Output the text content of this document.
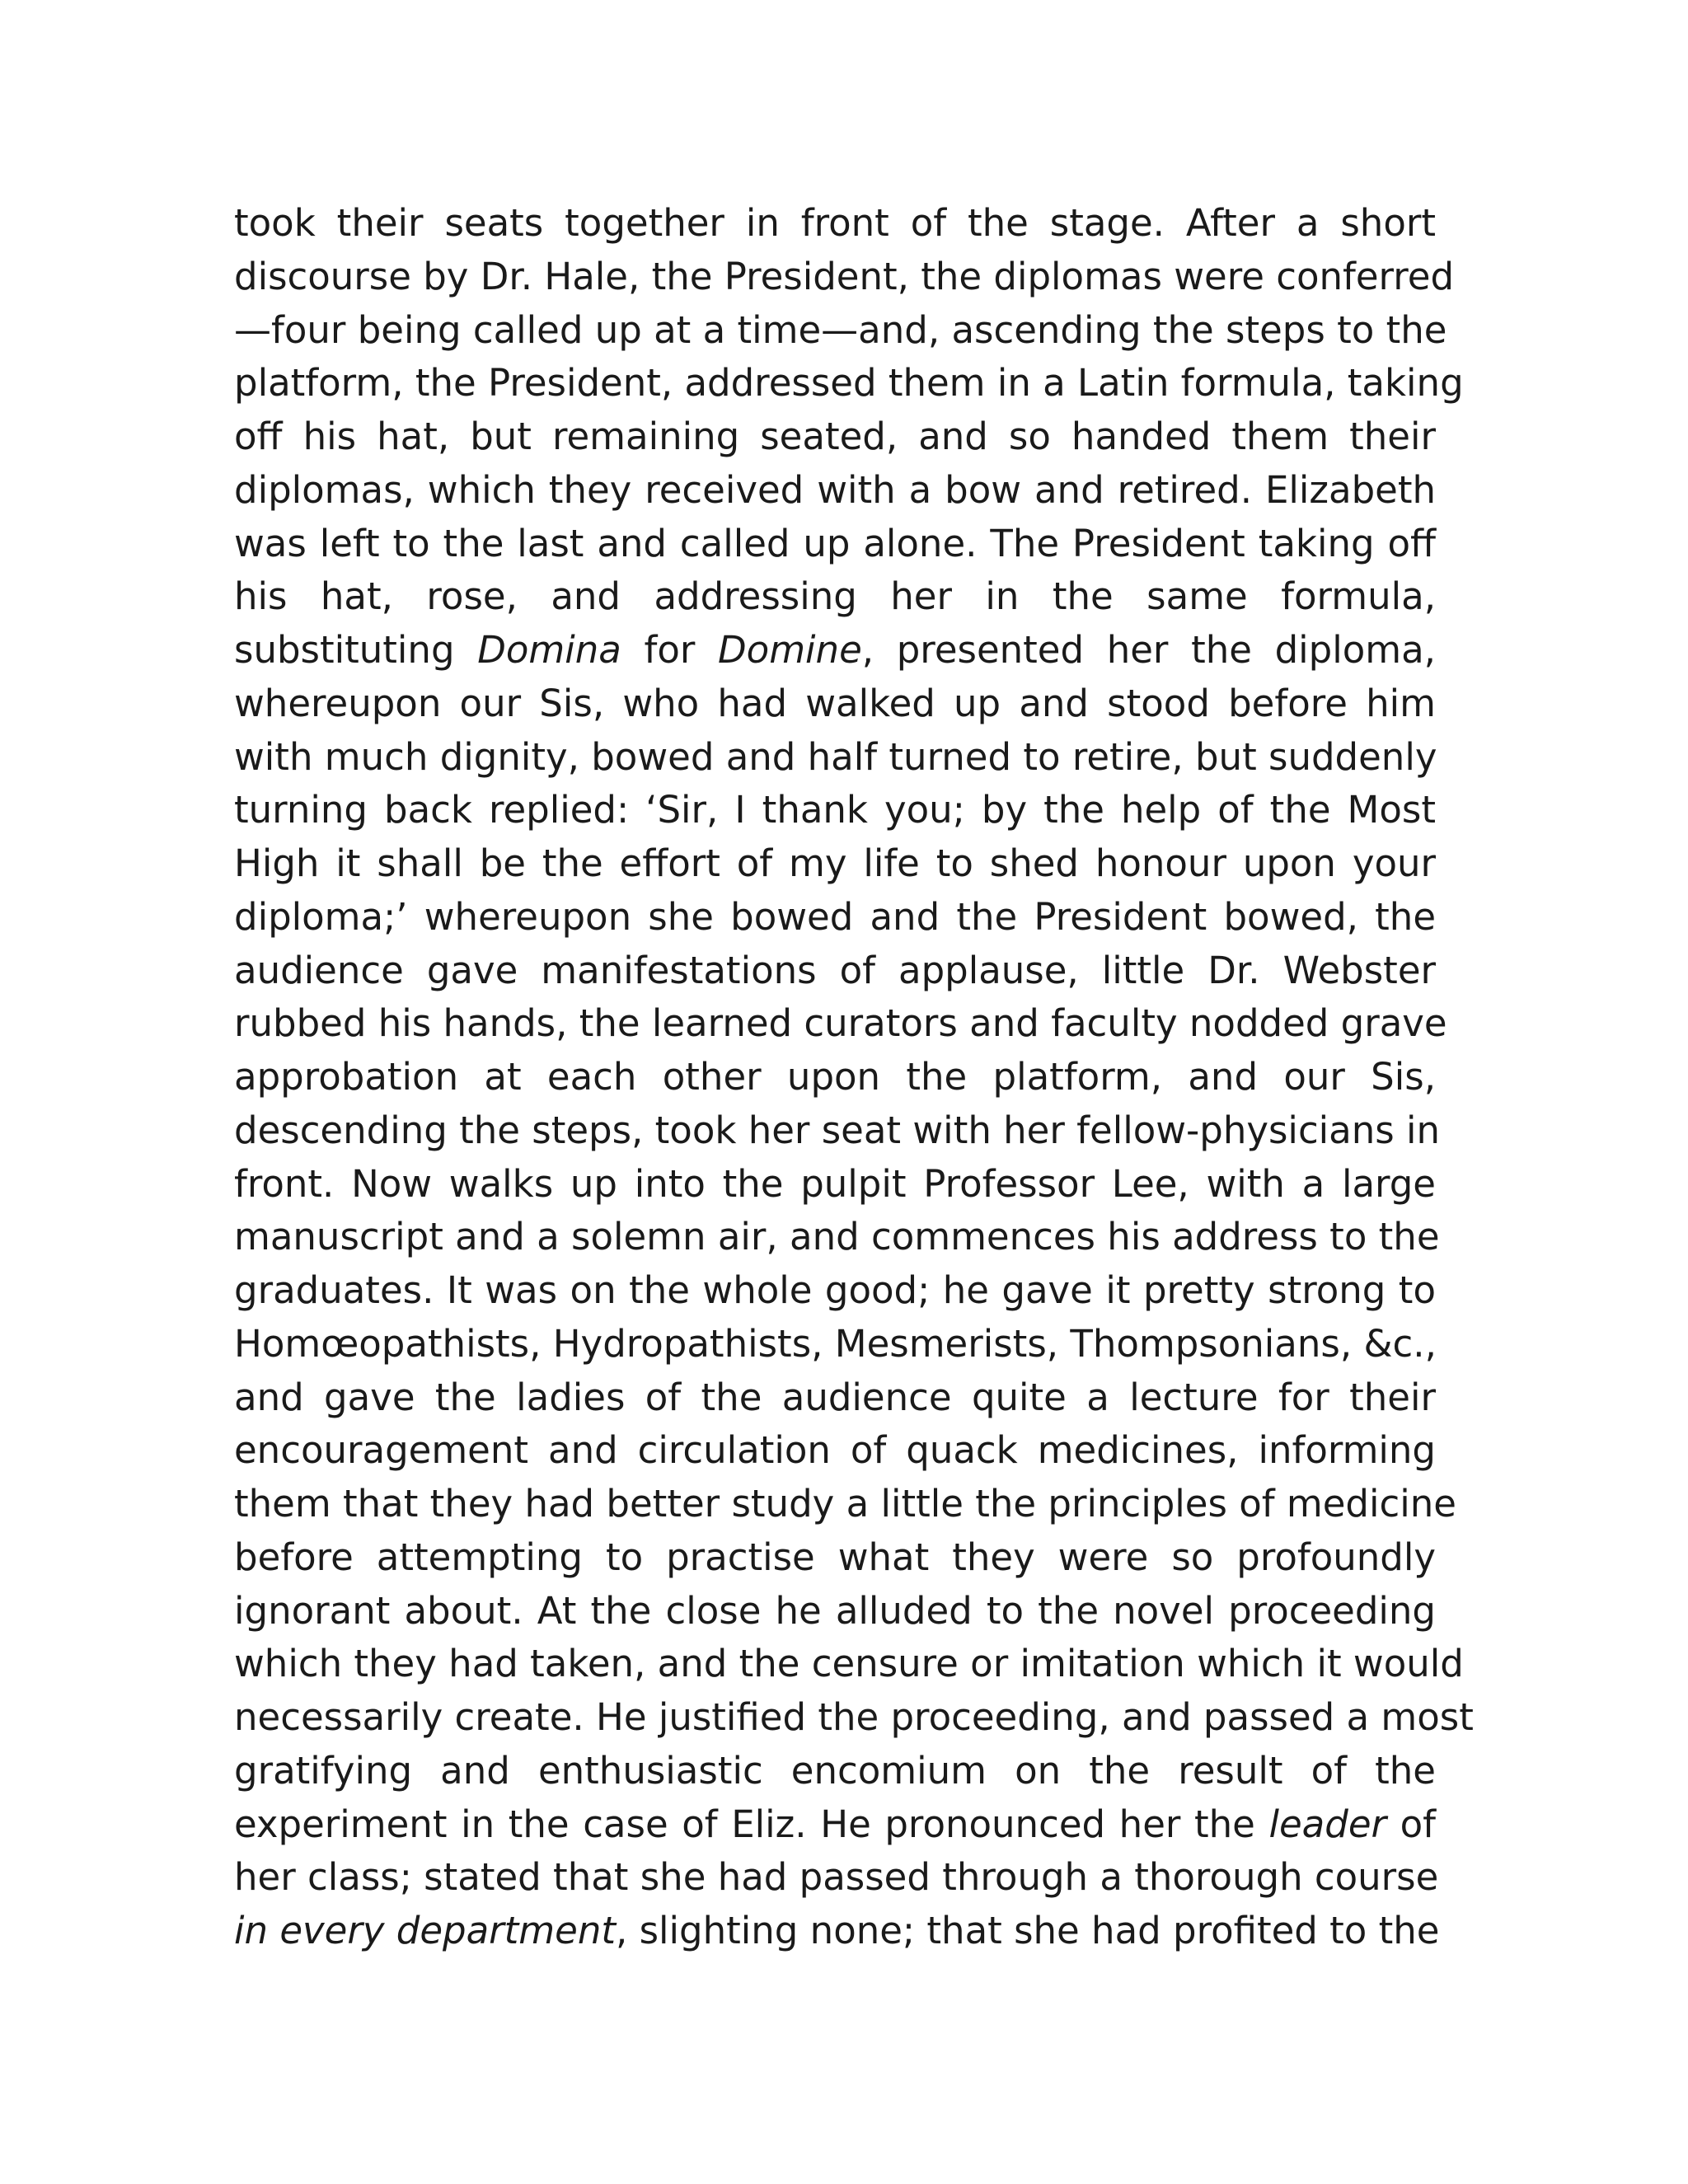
took their seats together in front of the stage. After a short
discourse by Dr. Hale, the President, the diplomas were conferred
—four being called up at a time—and, ascending the steps to the
platform, the President, addressed them in a Latin formula, taking
off his hat, but remaining seated, and so handed them their
diplomas, which they received with a bow and retired. Elizabeth
was left to the last and called up alone. The President taking off
his hat, rose, and addressing her in the same formula,
substituting Domina for Domine, presented her the diploma,
whereupon our Sis, who had walked up and stood before him
with much dignity, bowed and half turned to retire, but suddenly
turning back replied: ‘Sir, I thank you; by the help of the Most
High it shall be the effort of my life to shed honour upon your
diploma;’ whereupon she bowed and the President bowed, the
audience gave manifestations of applause, little Dr. Webster
rubbed his hands, the learned curators and faculty nodded grave
approbation at each other upon the platform, and our Sis,
descending the steps, took her seat with her fellow-physicians in
front. Now walks up into the pulpit Professor Lee, with a large
manuscript and a solemn air, and commences his address to the
graduates. It was on the whole good; he gave it pretty strong to
Homœopathists, Hydropathists, Mesmerists, Thompsonians, &c.,
and gave the ladies of the audience quite a lecture for their
encouragement and circulation of quack medicines, informing
them that they had better study a little the principles of medicine
before attempting to practise what they were so profoundly
ignorant about. At the close he alluded to the novel proceeding
which they had taken, and the censure or imitation which it would
necessarily create. He justified the proceeding, and passed a most
gratifying and enthusiastic encomium on the result of the
experiment in the case of Eliz. He pronounced her the leader of
her class; stated that she had passed through a thorough course
in every department, slighting none; that she had profited to the
